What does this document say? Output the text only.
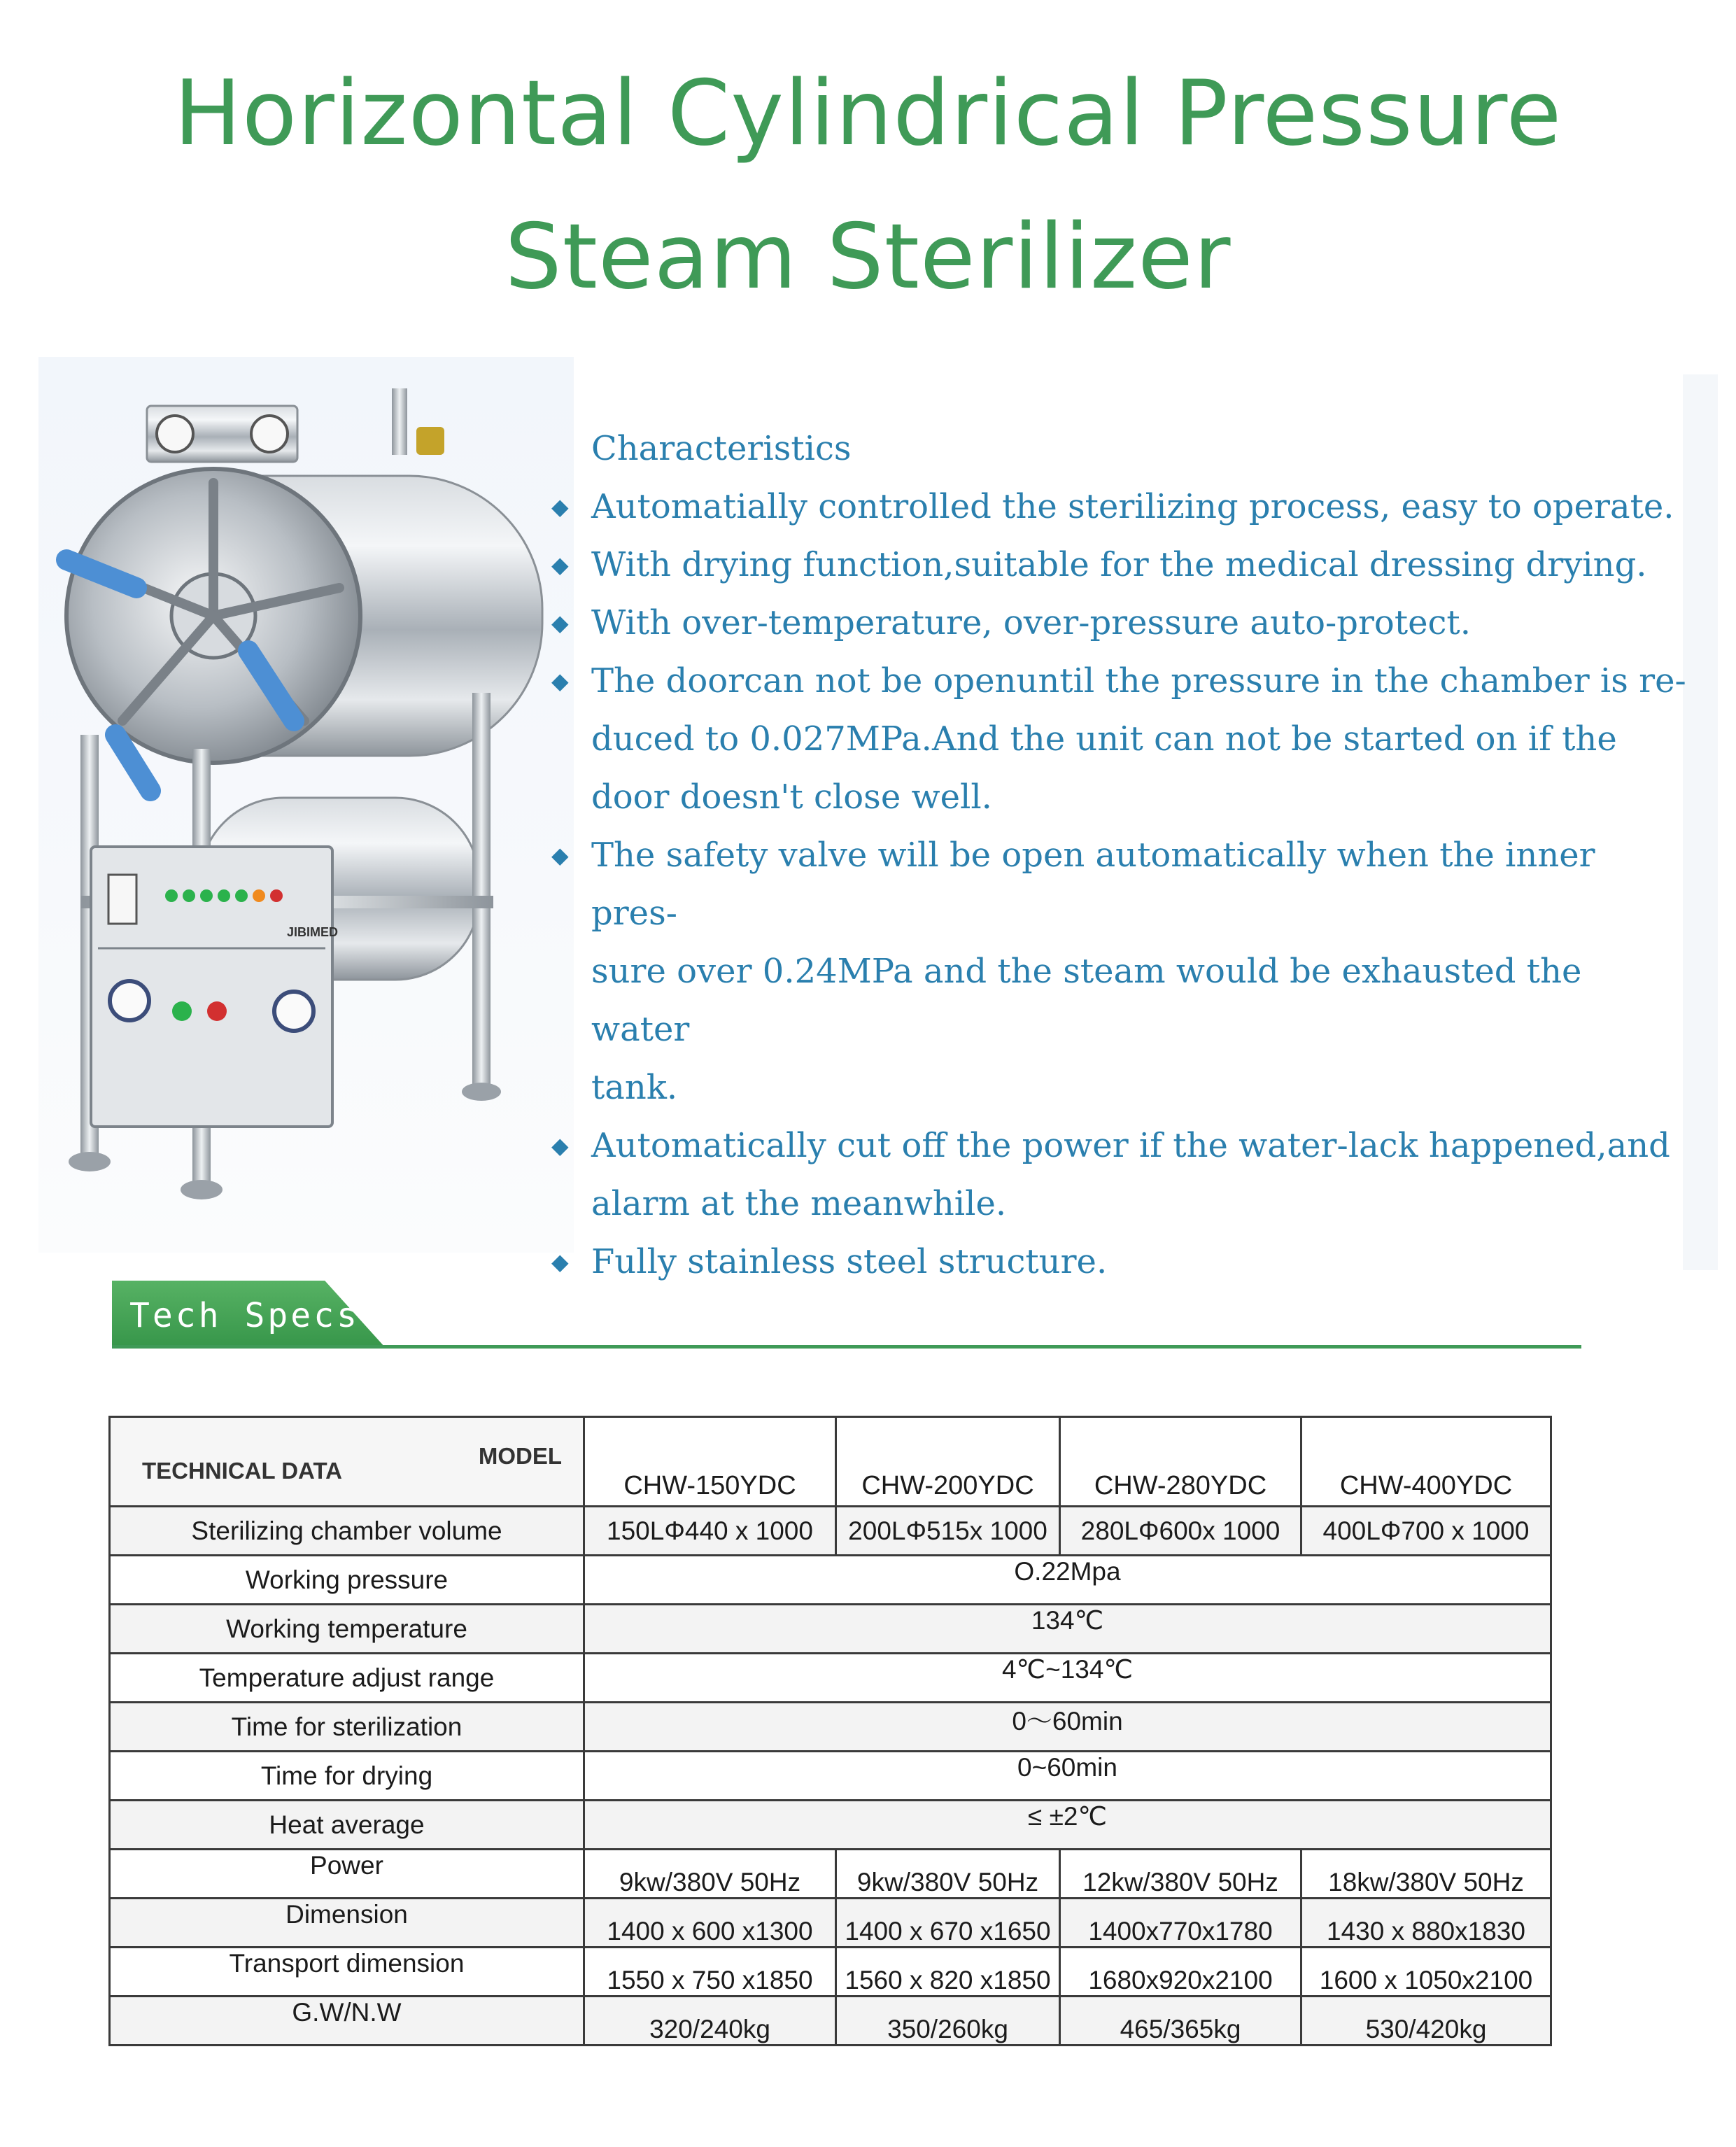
Horizontal Cylindrical Pressure
Steam Sterilizer
JIBIMED
Characteristics
◆ Automatially controlled the sterilizing process, easy to operate.
◆ With drying function,suitable for the medical dressing drying.
◆ With over-temperature, over-pressure auto-protect.
◆ The doorcan not be openuntil the pressure in the chamber is re-
duced to 0.027MPa.And the unit can not be started on if the
door doesn't close well.
◆ The safety valve will be open automatically when the inner pres-
sure over 0.24MPa and the steam would be exhausted the water
tank.
◆ Automatically cut off the power if the water-lack happened,and
alarm at the meanwhile.
◆ Fully stainless steel structure.
Tech Specs:
TECHNICAL DATA
MODEL	CHW-150YDC	CHW-200YDC	CHW-280YDC	CHW-400YDC
Sterilizing chamber volume	150LΦ440 x 1000	200LΦ515x 1000	280LΦ600x 1000	400LΦ700 x 1000
Working pressure	O.22Mpa			
Working temperature	134℃			
Temperature adjust range	4℃~134℃			
Time for sterilization	0〜60min			
Time for drying	0~60min			
Heat average	≤ ±2℃			
Power	9kw/380V 50Hz	9kw/380V 50Hz	12kw/380V 50Hz	18kw/380V 50Hz
Dimension	1400 x 600 x1300	1400 x 670 x1650	1400x770x1780	1430 x 880x1830
Transport dimension	1550 x 750 x1850	1560 x 820 x1850	1680x920x2100	1600 x 1050x2100
G.W/N.W	320/240kg	350/260kg	465/365kg	530/420kg
